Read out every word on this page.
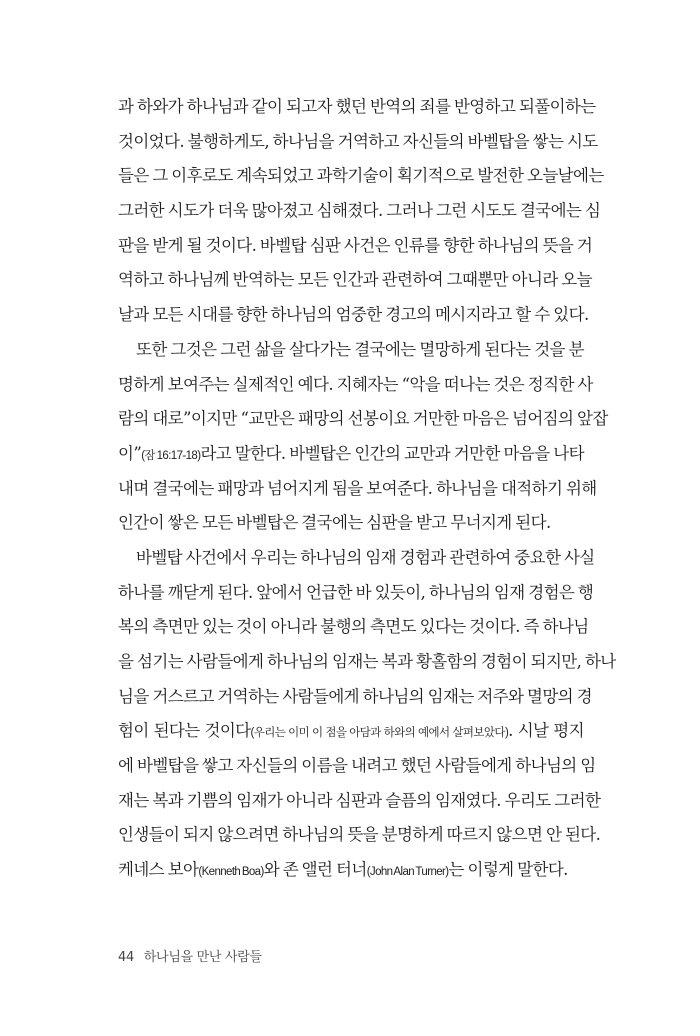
과 하와가 하나님과 같이 되고자 했던 반역의 죄를 반영하고 되풀이하는
것이었다. 불행하게도, 하나님을 거역하고 자신들의 바벨탑을 쌓는 시도
들은 그 이후로도 계속되었고 과학기술이 획기적으로 발전한 오늘날에는
그러한 시도가 더욱 많아졌고 심해졌다. 그러나 그런 시도도 결국에는 심
판을 받게 될 것이다. 바벨탑 심판 사건은 인류를 향한 하나님의 뜻을 거
역하고 하나님께 반역하는 모든 인간과 관련하여 그때뿐만 아니라 오늘
날과 모든 시대를 향한 하나님의 엄중한 경고의 메시지라고 할 수 있다.
또한 그것은 그런 삶을 살다가는 결국에는 멸망하게 된다는 것을 분
명하게 보여주는 실제적인 예다. 지혜자는 “악을 떠나는 것은 정직한 사
람의 대로”이지만 “교만은 패망의 선봉이요 거만한 마음은 넘어짐의 앞잡
이”(잠 16:17-18)라고 말한다. 바벨탑은 인간의 교만과 거만한 마음을 나타
내며 결국에는 패망과 넘어지게 됨을 보여준다. 하나님을 대적하기 위해
인간이 쌓은 모든 바벨탑은 결국에는 심판을 받고 무너지게 된다.
바벨탑 사건에서 우리는 하나님의 임재 경험과 관련하여 중요한 사실
하나를 깨닫게 된다. 앞에서 언급한 바 있듯이, 하나님의 임재 경험은 행
복의 측면만 있는 것이 아니라 불행의 측면도 있다는 것이다. 즉 하나님
을 섬기는 사람들에게 하나님의 임재는 복과 황홀함의 경험이 되지만, 하나
님을 거스르고 거역하는 사람들에게 하나님의 임재는 저주와 멸망의 경
험이 된다는 것이다(우리는 이미 이 점을 아담과 하와의 예에서 살펴보았다). 시날 평지
에 바벨탑을 쌓고 자신들의 이름을 내려고 했던 사람들에게 하나님의 임
재는 복과 기쁨의 임재가 아니라 심판과 슬픔의 임재였다. 우리도 그러한
인생들이 되지 않으려면 하나님의 뜻을 분명하게 따르지 않으면 안 된다.
케네스 보아(Kenneth Boa)와 존 앨런 터너(John Alan Turner)는 이렇게 말한다.
44 하나님을 만난 사람들
